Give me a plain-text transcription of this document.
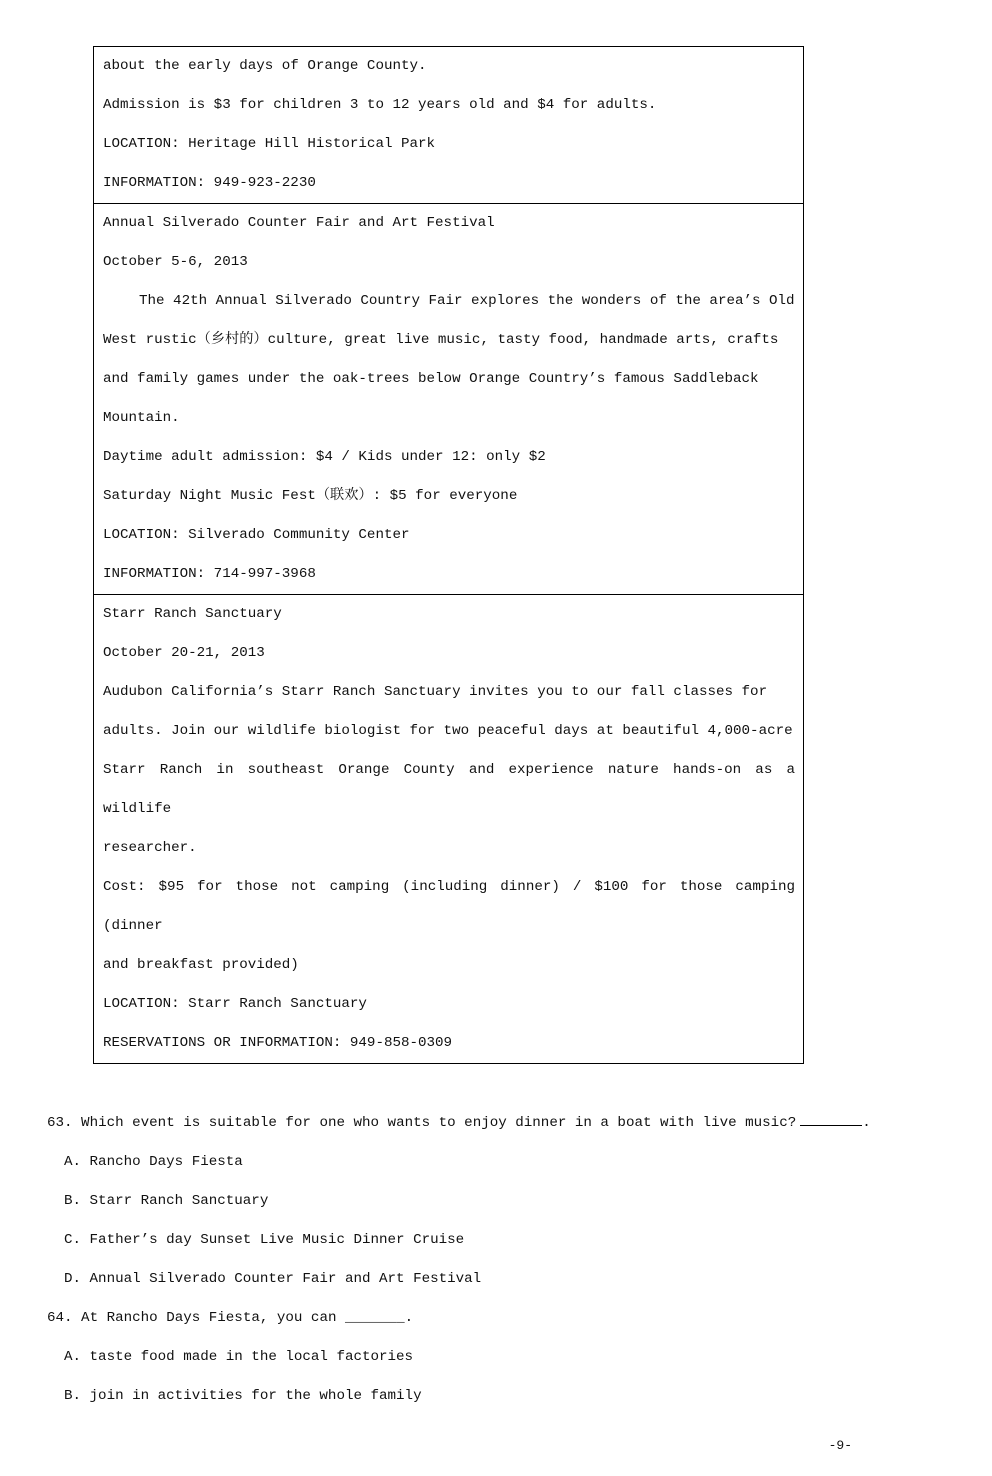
about the early days of Orange County.
Admission is $3 for children 3 to 12 years old and $4 for adults.
LOCATION: Heritage Hill Historical Park
INFORMATION: 949-923-2230

Annual Silverado Counter Fair and Art Festival
October 5-6, 2013
The 42th Annual Silverado Country Fair explores the wonders of the area’s Old
West rustic（乡村的）culture, great live music, tasty food, handmade arts, crafts
and family games under the oak-trees below Orange Country’s famous Saddleback
Mountain.
Daytime adult admission: $4 / Kids under 12: only $2
Saturday Night Music Fest（联欢）: $5 for everyone
LOCATION: Silverado Community Center
INFORMATION: 714-997-3968

Starr Ranch Sanctuary
October 20-21, 2013
Audubon California’s Starr Ranch Sanctuary invites you to our fall classes for
adults. Join our wildlife biologist for two peaceful days at beautiful 4,000-acre
Starr Ranch in southeast Orange County and experience nature hands-on as a wildlife
researcher.
Cost: $95 for those not camping (including dinner) / $100 for those camping (dinner
and breakfast provided)
LOCATION: Starr Ranch Sanctuary
RESERVATIONS OR INFORMATION: 949-858-0309
63. Which event is suitable for one who wants to enjoy dinner in a boat with live music?	.
A. Rancho Days Fiesta
B. Starr Ranch Sanctuary
C. Father’s day Sunset Live Music Dinner Cruise
D. Annual Silverado Counter Fair and Art Festival
64. At Rancho Days Fiesta, you can _______.
A. taste food made in the local factories
B. join in activities for the whole family
-9-
